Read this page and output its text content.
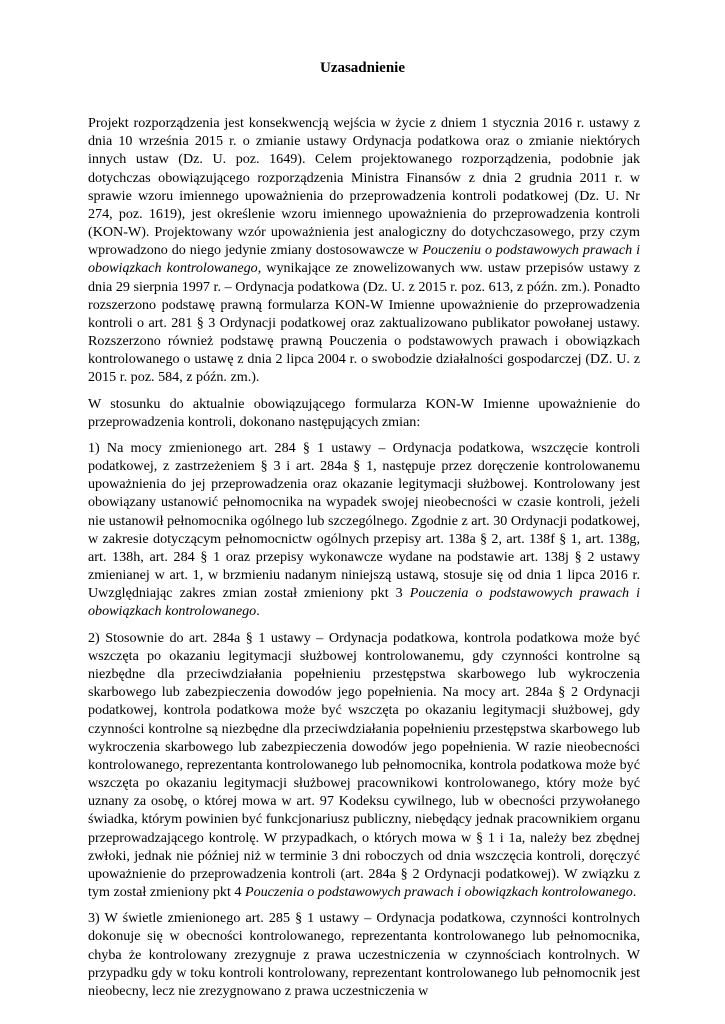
Uzasadnienie

Projekt rozporządzenia jest konsekwencją wejścia w życie z dniem 1 stycznia 2016 r. ustawy z dnia 10 września 2015 r. o zmianie ustawy Ordynacja podatkowa oraz o zmianie niektórych innych ustaw (Dz. U. poz. 1649). Celem projektowanego rozporządzenia, podobnie jak dotychczas obowiązującego rozporządzenia Ministra Finansów z dnia 2 grudnia 2011 r. w sprawie wzoru imiennego upoważnienia do przeprowadzenia kontroli podatkowej (Dz. U. Nr 274, poz. 1619), jest określenie wzoru imiennego upoważnienia do przeprowadzenia kontroli (KON-W). Projektowany wzór upoważnienia jest analogiczny do dotychczasowego, przy czym wprowadzono do niego jedynie zmiany dostosowawcze w Pouczeniu o podstawowych prawach i obowiązkach kontrolowanego, wynikające ze znowelizowanych ww. ustaw przepisów ustawy z dnia 29 sierpnia 1997 r. – Ordynacja podatkowa (Dz. U. z 2015 r. poz. 613, z późn. zm.). Ponadto rozszerzono podstawę prawną formularza KON-W Imienne upoważnienie do przeprowadzenia kontroli o art. 281 § 3 Ordynacji podatkowej oraz zaktualizowano publikator powołanej ustawy. Rozszerzono również podstawę prawną Pouczenia o podstawowych prawach i obowiązkach kontrolowanego o ustawę z dnia 2 lipca 2004 r. o swobodzie działalności gospodarczej (DZ. U. z 2015 r. poz. 584, z późn. zm.).

W stosunku do aktualnie obowiązującego formularza KON-W Imienne upoważnienie do przeprowadzenia kontroli, dokonano następujących zmian:

1) Na mocy zmienionego art. 284 § 1 ustawy – Ordynacja podatkowa, wszczęcie kontroli podatkowej, z zastrzeżeniem § 3 i art. 284a § 1, następuje przez doręczenie kontrolowanemu upoważnienia do jej przeprowadzenia oraz okazanie legitymacji służbowej. Kontrolowany jest obowiązany ustanowić pełnomocnika na wypadek swojej nieobecności w czasie kontroli, jeżeli nie ustanowił pełnomocnika ogólnego lub szczególnego. Zgodnie z art. 30 Ordynacji podatkowej, w zakresie dotyczącym pełnomocnictw ogólnych przepisy art. 138a § 2, art. 138f § 1, art. 138g, art. 138h, art. 284 § 1 oraz przepisy wykonawcze wydane na podstawie art. 138j § 2 ustawy zmienianej w art. 1, w brzmieniu nadanym niniejszą ustawą, stosuje się od dnia 1 lipca 2016 r. Uwzględniając zakres zmian został zmieniony pkt 3 Pouczenia o podstawowych prawach i obowiązkach kontrolowanego.

2) Stosownie do art. 284a § 1 ustawy – Ordynacja podatkowa, kontrola podatkowa może być wszczęta po okazaniu legitymacji służbowej kontrolowanemu, gdy czynności kontrolne są niezbędne dla przeciwdziałania popełnieniu przestępstwa skarbowego lub wykroczenia skarbowego lub zabezpieczenia dowodów jego popełnienia. Na mocy art. 284a § 2 Ordynacji podatkowej, kontrola podatkowa może być wszczęta po okazaniu legitymacji służbowej, gdy czynności kontrolne są niezbędne dla przeciwdziałania popełnieniu przestępstwa skarbowego lub wykroczenia skarbowego lub zabezpieczenia dowodów jego popełnienia. W razie nieobecności kontrolowanego, reprezentanta kontrolowanego lub pełnomocnika, kontrola podatkowa może być wszczęta po okazaniu legitymacji służbowej pracownikowi kontrolowanego, który może być uznany za osobę, o której mowa w art. 97 Kodeksu cywilnego, lub w obecności przywołanego świadka, którym powinien być funkcjonariusz publiczny, niebędący jednak pracownikiem organu przeprowadzającego kontrolę. W przypadkach, o których mowa w § 1 i 1a, należy bez zbędnej zwłoki, jednak nie później niż w terminie 3 dni roboczych od dnia wszczęcia kontroli, doręczyć upoważnienie do przeprowadzenia kontroli (art. 284a § 2 Ordynacji podatkowej). W związku z tym został zmieniony pkt 4 Pouczenia o podstawowych prawach i obowiązkach kontrolowanego.

3) W świetle zmienionego art. 285 § 1 ustawy – Ordynacja podatkowa, czynności kontrolnych dokonuje się w obecności kontrolowanego, reprezentanta kontrolowanego lub pełnomocnika, chyba że kontrolowany zrezygnuje z prawa uczestniczenia w czynnościach kontrolnych. W przypadku gdy w toku kontroli kontrolowany, reprezentant kontrolowanego lub pełnomocnik jest nieobecny, lecz nie zrezygnowano z prawa uczestniczenia w
